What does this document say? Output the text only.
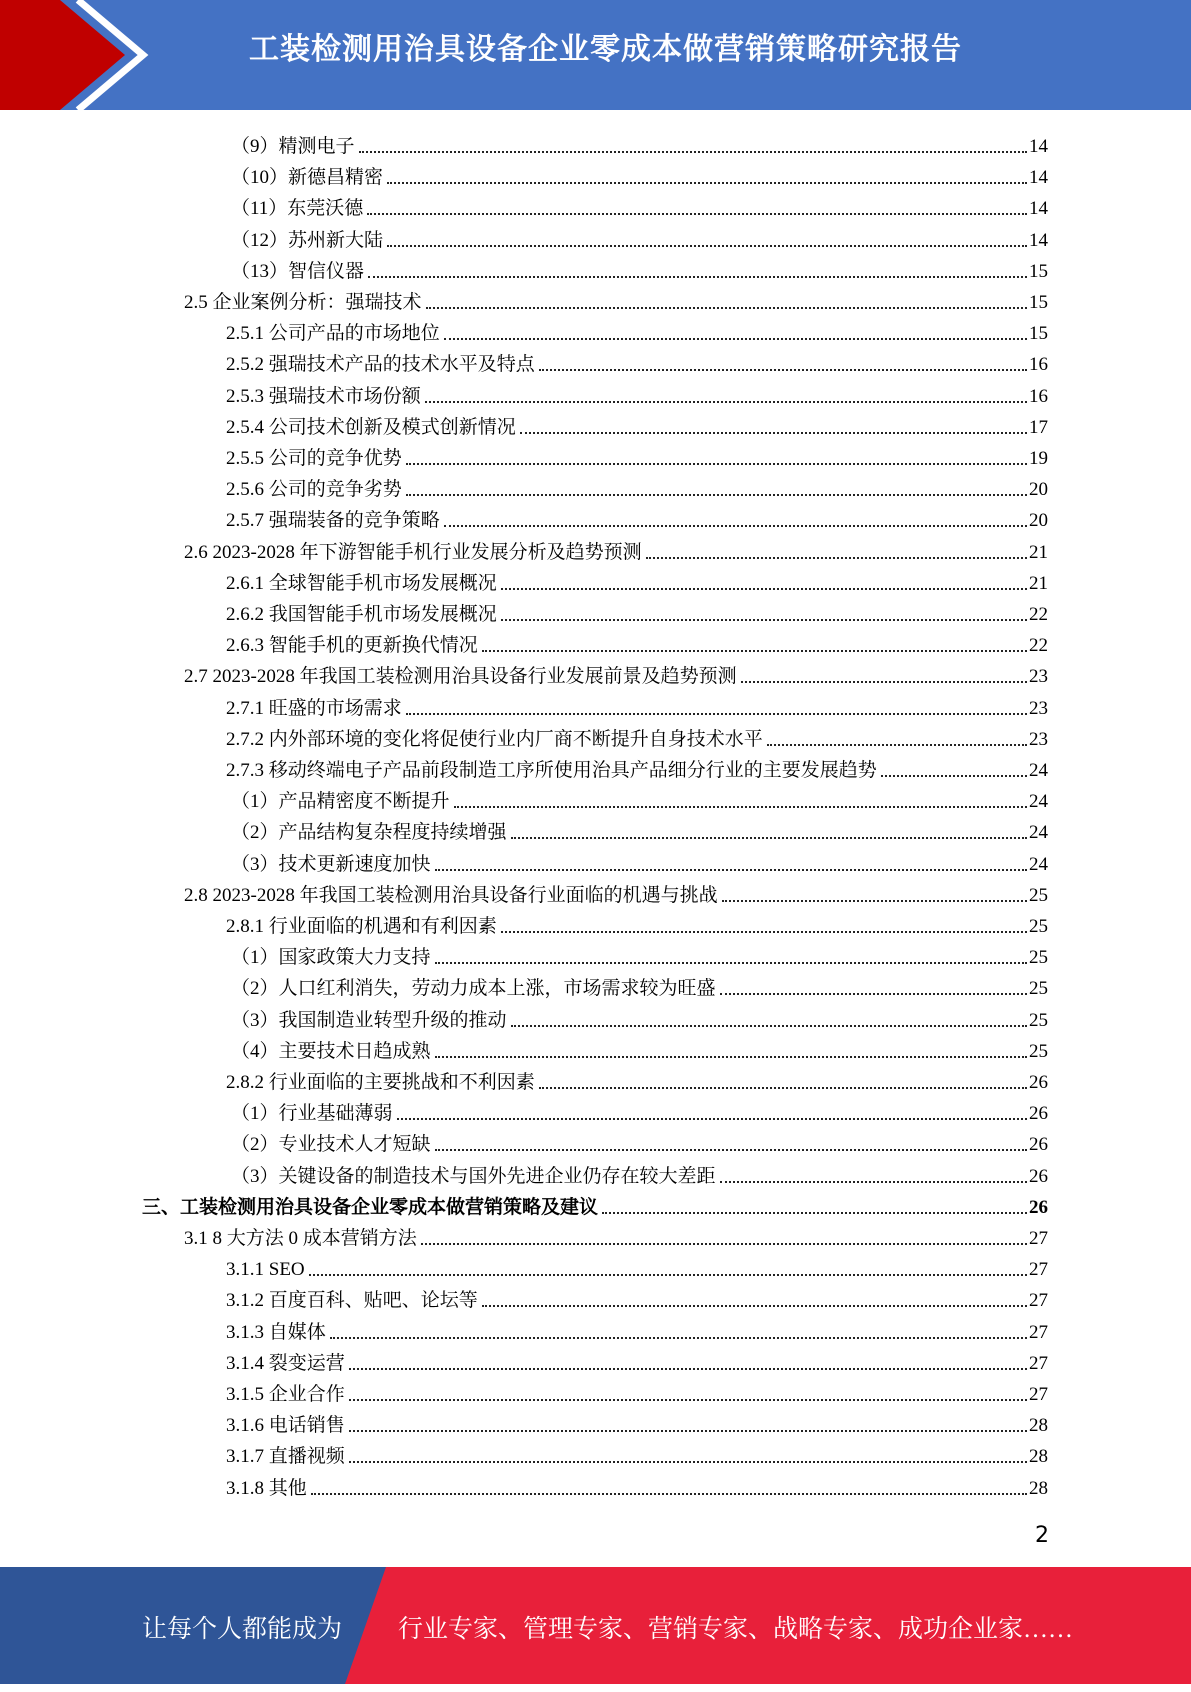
工装检测用治具设备企业零成本做营销策略研究报告
（9）精测电子	14
（10）新德昌精密	14
（11）东莞沃德	14
（12）苏州新大陆	14
（13）智信仪器	15
2.5 企业案例分析：强瑞技术	15
2.5.1 公司产品的市场地位	15
2.5.2 强瑞技术产品的技术水平及特点	16
2.5.3 强瑞技术市场份额	16
2.5.4 公司技术创新及模式创新情况	17
2.5.5 公司的竞争优势	19
2.5.6 公司的竞争劣势	20
2.5.7 强瑞装备的竞争策略	20
2.6 2023-2028 年下游智能手机行业发展分析及趋势预测	21
2.6.1 全球智能手机市场发展概况	21
2.6.2 我国智能手机市场发展概况	22
2.6.3 智能手机的更新换代情况	22
2.7 2023-2028 年我国工装检测用治具设备行业发展前景及趋势预测	23
2.7.1 旺盛的市场需求	23
2.7.2 内外部环境的变化将促使行业内厂商不断提升自身技术水平	23
2.7.3 移动终端电子产品前段制造工序所使用治具产品细分行业的主要发展趋势	24
（1）产品精密度不断提升	24
（2）产品结构复杂程度持续增强	24
（3）技术更新速度加快	24
2.8 2023-2028 年我国工装检测用治具设备行业面临的机遇与挑战	25
2.8.1 行业面临的机遇和有利因素	25
（1）国家政策大力支持	25
（2）人口红利消失，劳动力成本上涨，市场需求较为旺盛	25
（3）我国制造业转型升级的推动	25
（4）主要技术日趋成熟	25
2.8.2 行业面临的主要挑战和不利因素	26
（1）行业基础薄弱	26
（2）专业技术人才短缺	26
（3）关键设备的制造技术与国外先进企业仍存在较大差距	26
三、工装检测用治具设备企业零成本做营销策略及建议	26
3.1 8 大方法 0 成本营销方法	27
3.1.1 SEO	27
3.1.2 百度百科、贴吧、论坛等	27
3.1.3 自媒体	27
3.1.4 裂变运营	27
3.1.5 企业合作	27
3.1.6 电话销售	28
3.1.7 直播视频	28
3.1.8 其他	28
2
让每个人都能成为 行业专家、管理专家、营销专家、战略专家、成功企业家……
